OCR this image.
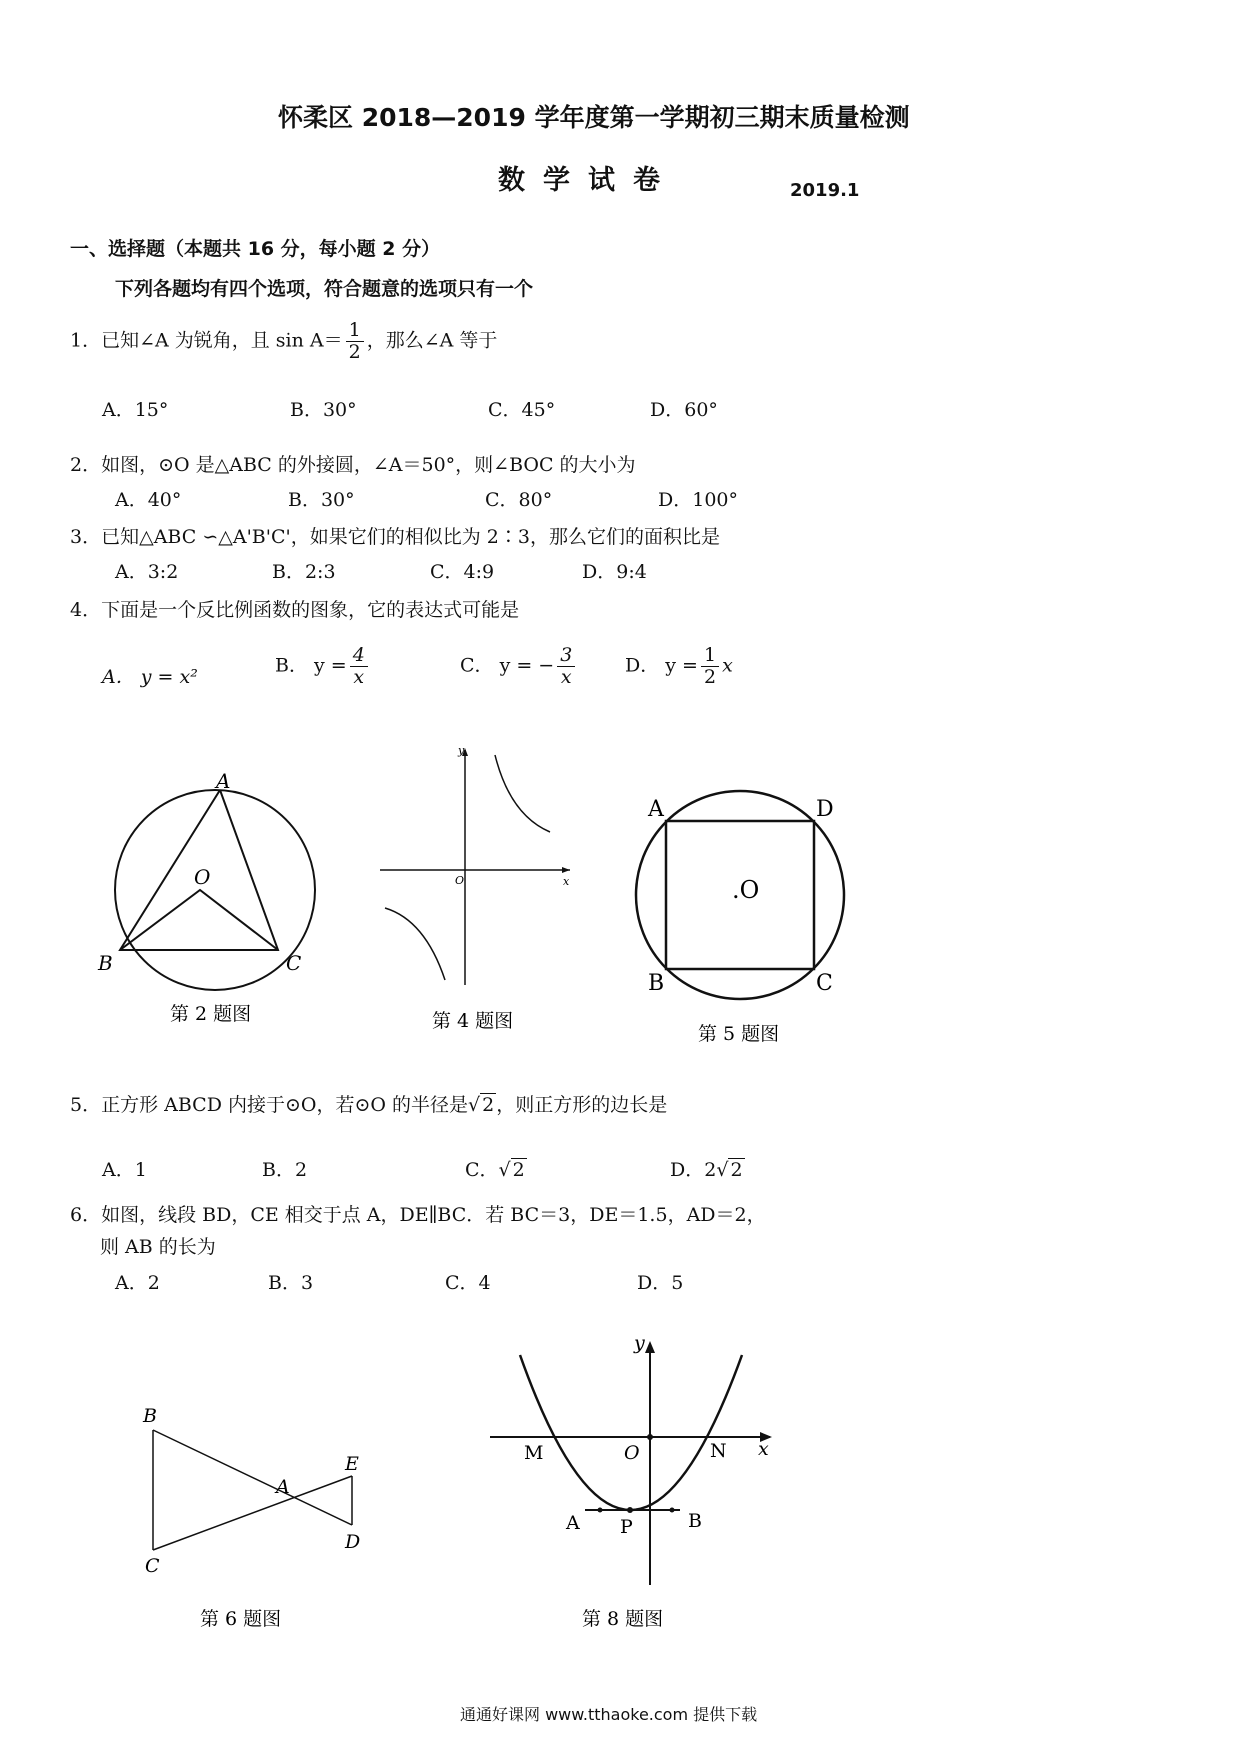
怀柔区 2018—2019 学年度第一学期初三期末质量检测
数学试卷	2019.1
一、选择题（本题共 16 分，每小题 2 分）
下列各题均有四个选项，符合题意的选项只有一个
1．已知∠A 为锐角，且 $\sin A= \frac{1}{2}$ ，那么∠A 等于
A．15°	B．30°	C．45°	D．60°
2．如图，⊙O 是△ABC 的外接圆，∠A＝50°，则∠BOC 的大小为
A．40°	B．30°	C．80°	D．100°
3．已知△ABC ∽△A'B'C'，如果它们的相似比为 2∶3，那么它们的面积比是
A．3:2	B．2:3	C．4:9	D．9:4
4．下面是一个反比例函数的图象，它的表达式可能是
A． y = x²
B． $y = \frac{4}{x}$	C． y = − $\frac{3}{x}$	D． $y = \frac{1}{2}$ x
A
B	C
O
第 2 题图
y
x
O
第 4 题图
A	D
B	C
.O
第 5 题图
5．正方形 ABCD 内接于⊙O，若⊙O 的半径是√ 2 ，则正方形的边长是
A．1	B．2	C．√ 2	D．2√ 2
6．如图，线段 BD，CE 相交于点 A，DE∥BC．若 BC＝3，DE＝1.5，AD＝2，
则 AB 的长为
A．2	B．3	C．4	D．5
B
A
E
C
D
第 6 题图
y
x
M	O	N
A P	B
第 8 题图
通通好课网 www.tthaoke.com 提供下载
